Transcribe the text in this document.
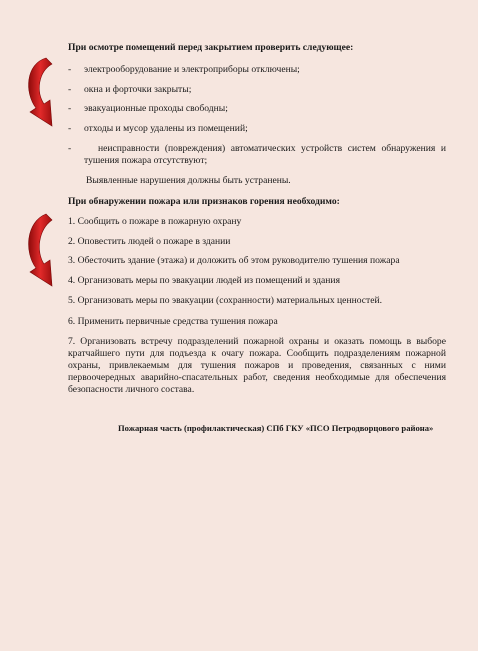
При осмотре помещений перед закрытием проверить следующее:
-	электрооборудование и электроприборы отключены;
-	окна и форточки закрыты;
-	эвакуационные проходы свободны;
-	отходы и мусор удалены из помещений;
-	неисправности (повреждения) автоматических устройств систем обнаружения и тушения пожара отсутствуют;
Выявленные нарушения должны быть устранены.
При обнаружении пожара или признаков горения необходимо:
1. Сообщить о пожаре в пожарную охрану
2. Оповестить людей о пожаре в здании
3. Обесточить здание (этажа) и доложить об этом руководителю тушения пожара
4. Организовать меры по эвакуации людей из помещений и здания
5. Организовать меры по эвакуации (сохранности) материальных ценностей.
6. Применить первичные средства тушения пожара
7. Организовать встречу подразделений пожарной охраны и оказать помощь в выборе кратчайшего пути для подъезда к очагу пожара. Сообщить подразделениям пожарной охраны, привлекаемым для тушения пожаров и проведения, связанных с ними первоочередных аварийно-спасательных работ, сведения необходимые для обеспечения безопасности личного состава.
Пожарная часть (профилактическая) СПб ГКУ «ПСО Петродворцового района»
